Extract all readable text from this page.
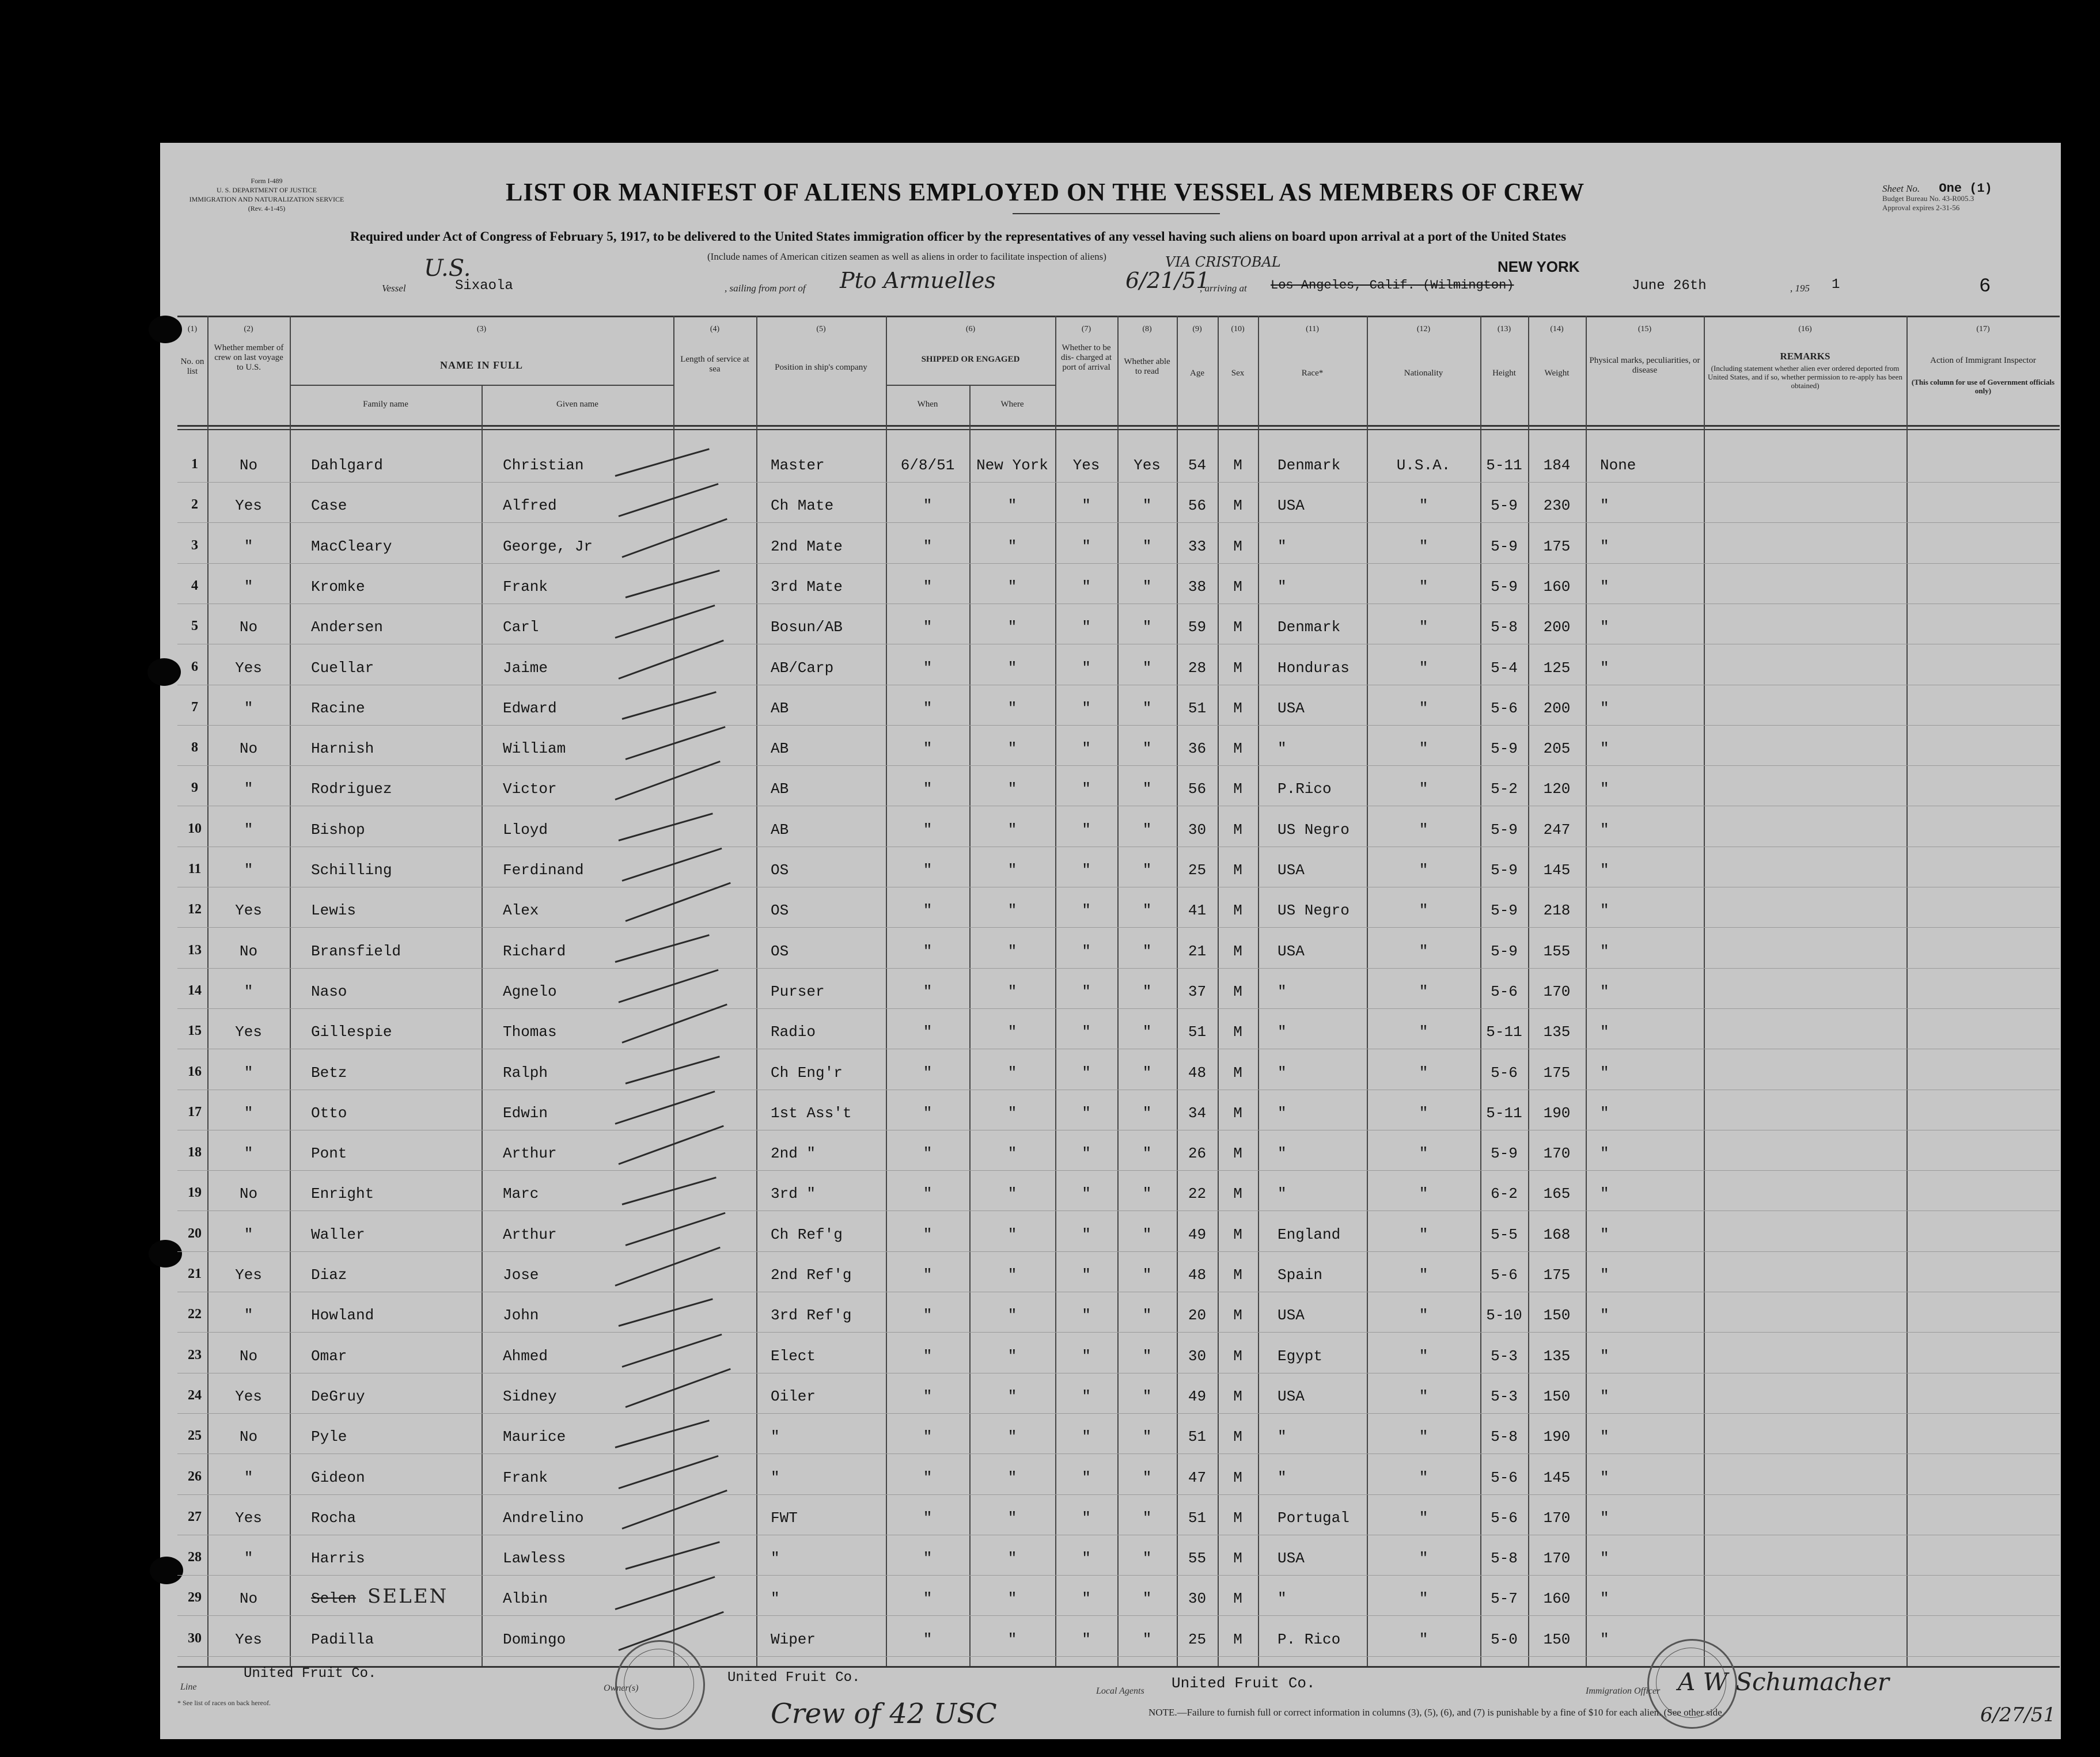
Form I-489
U. S. DEPARTMENT OF JUSTICE
IMMIGRATION AND NATURALIZATION SERVICE
(Rev. 4-1-45)
LIST OR MANIFEST OF ALIENS EMPLOYED ON THE VESSEL AS MEMBERS OF CREW	Sheet No. One (1)
Budget Bureau No. 43-R005.3
Approval expires 2-31-56
Required under Act of Congress of February 5, 1917, to be delivered to the United States immigration officer by the representatives of any vessel having such aliens on board upon arrival at a port of the United States
(Include names of American citizen seamen as well as aliens in order to facilitate inspection of aliens)
U.S.
Vessel	Sixaola	, sailing from port of Pto Armuelles
VIA CRISTOBAL
6/21/51
, arriving at
NEW YORK
Los Angeles, Calif. (Wilmington)	June 26th	, 195 1	6
(1)	(2)	(3)	(4)	(5)	(6)	(7)	(8)	(9)	(10)	(11)	(12)	(13)	(14)	(15)	(16)	(17)
No. on list
Whether member of crew on last voyage to U.S.	NAME IN FULL
Family name	Given name
Length of service at sea	Position in ship's company
SHIPPED OR ENGAGED
When	Where
Whether to be dis- charged at port of arrival
Whether able to read	Age	Sex	Race*	Nationality	Height	Weight
Physical marks, peculiarities, or disease
REMARKS
(Including statement whether alien ever ordered deported from United States, and if so, whether permission to re-apply has been obtained)
Action of Immigrant Inspector
(This column for use of Government officials only)
1	No	Dahlgard	Christian	Master	6/8/51	New York	Yes	Yes	54	M	Denmark	U.S.A.	5-11	184	None
2	Yes	Case	Alfred	Ch Mate	"	"	"	"	56	M	USA	"	5-9	230	"
3	"	MacCleary	George, Jr	2nd Mate	"	"	"	"	33	M	"	"	5-9	175	"
4	"	Kromke	Frank	3rd Mate	"	"	"	"	38	M	"	"	5-9	160	"
5	No	Andersen	Carl	Bosun/AB	"	"	"	"	59	M	Denmark	"	5-8	200	"
6	Yes	Cuellar	Jaime	AB/Carp	"	"	"	"	28	M	Honduras	"	5-4	125	"
7	"	Racine	Edward	AB	"	"	"	"	51	M	USA	"	5-6	200	"
8	No	Harnish	William	AB	"	"	"	"	36	M	"	"	5-9	205	"
9	"	Rodriguez	Victor	AB	"	"	"	"	56	M	P.Rico	"	5-2	120	"
10	"	Bishop	Lloyd	AB	"	"	"	"	30	M	US Negro	"	5-9	247	"
11	"	Schilling	Ferdinand	OS	"	"	"	"	25	M	USA	"	5-9	145	"
12	Yes	Lewis	Alex	OS	"	"	"	"	41	M	US Negro	"	5-9	218	"
13	No	Bransfield	Richard	OS	"	"	"	"	21	M	USA	"	5-9	155	"
14	"	Naso	Agnelo	Purser	"	"	"	"	37	M	"	"	5-6	170	"
15	Yes	Gillespie	Thomas	Radio	"	"	"	"	51	M	"	"	5-11	135	"
16	"	Betz	Ralph	Ch Eng'r	"	"	"	"	48	M	"	"	5-6	175	"
17	"	Otto	Edwin	1st Ass't	"	"	"	"	34	M	"	"	5-11	190	"
18	"	Pont	Arthur	2nd "	"	"	"	"	26	M	"	"	5-9	170	"
19	No	Enright	Marc	3rd "	"	"	"	"	22	M	"	"	6-2	165	"
20	"	Waller	Arthur	Ch Ref'g	"	"	"	"	49	M	England	"	5-5	168	"
21	Yes	Diaz	Jose	2nd Ref'g	"	"	"	"	48	M	Spain	"	5-6	175	"
22	"	Howland	John	3rd Ref'g	"	"	"	"	20	M	USA	"	5-10	150	"
23	No	Omar	Ahmed	Elect	"	"	"	"	30	M	Egypt	"	5-3	135	"
24	Yes	DeGruy	Sidney	Oiler	"	"	"	"	49	M	USA	"	5-3	150	"
25	No	Pyle	Maurice	"	"	"	"	"	51	M	"	"	5-8	190	"
26	"	Gideon	Frank	"	"	"	"	"	47	M	"	"	5-6	145	"
27	Yes	Rocha	Andrelino	FWT	"	"	"	"	51	M	Portugal	"	5-6	170	"
28	"	Harris	Lawless	"	"	"	"	"	55	M	USA	"	5-8	170	"
29	No	Selen	Albin	"	"	"	"	"	30	M	"	"	5-7	160	"
30	Yes	Padilla	Domingo	Wiper	"	"	"	"	25	M	P. Rico	"	5-0	150	"
SELEN
Line
United Fruit Co.
Owner(s)
United Fruit Co.
Local Agents United Fruit Co.	Immigration Officer A W Schumacher
6/27/51
* See list of races on back hereof.	Crew of 42 USC	NOTE.—Failure to furnish full or correct information in columns (3), (5), (6), and (7) is punishable by a fine of $10 for each alien. (See other side
